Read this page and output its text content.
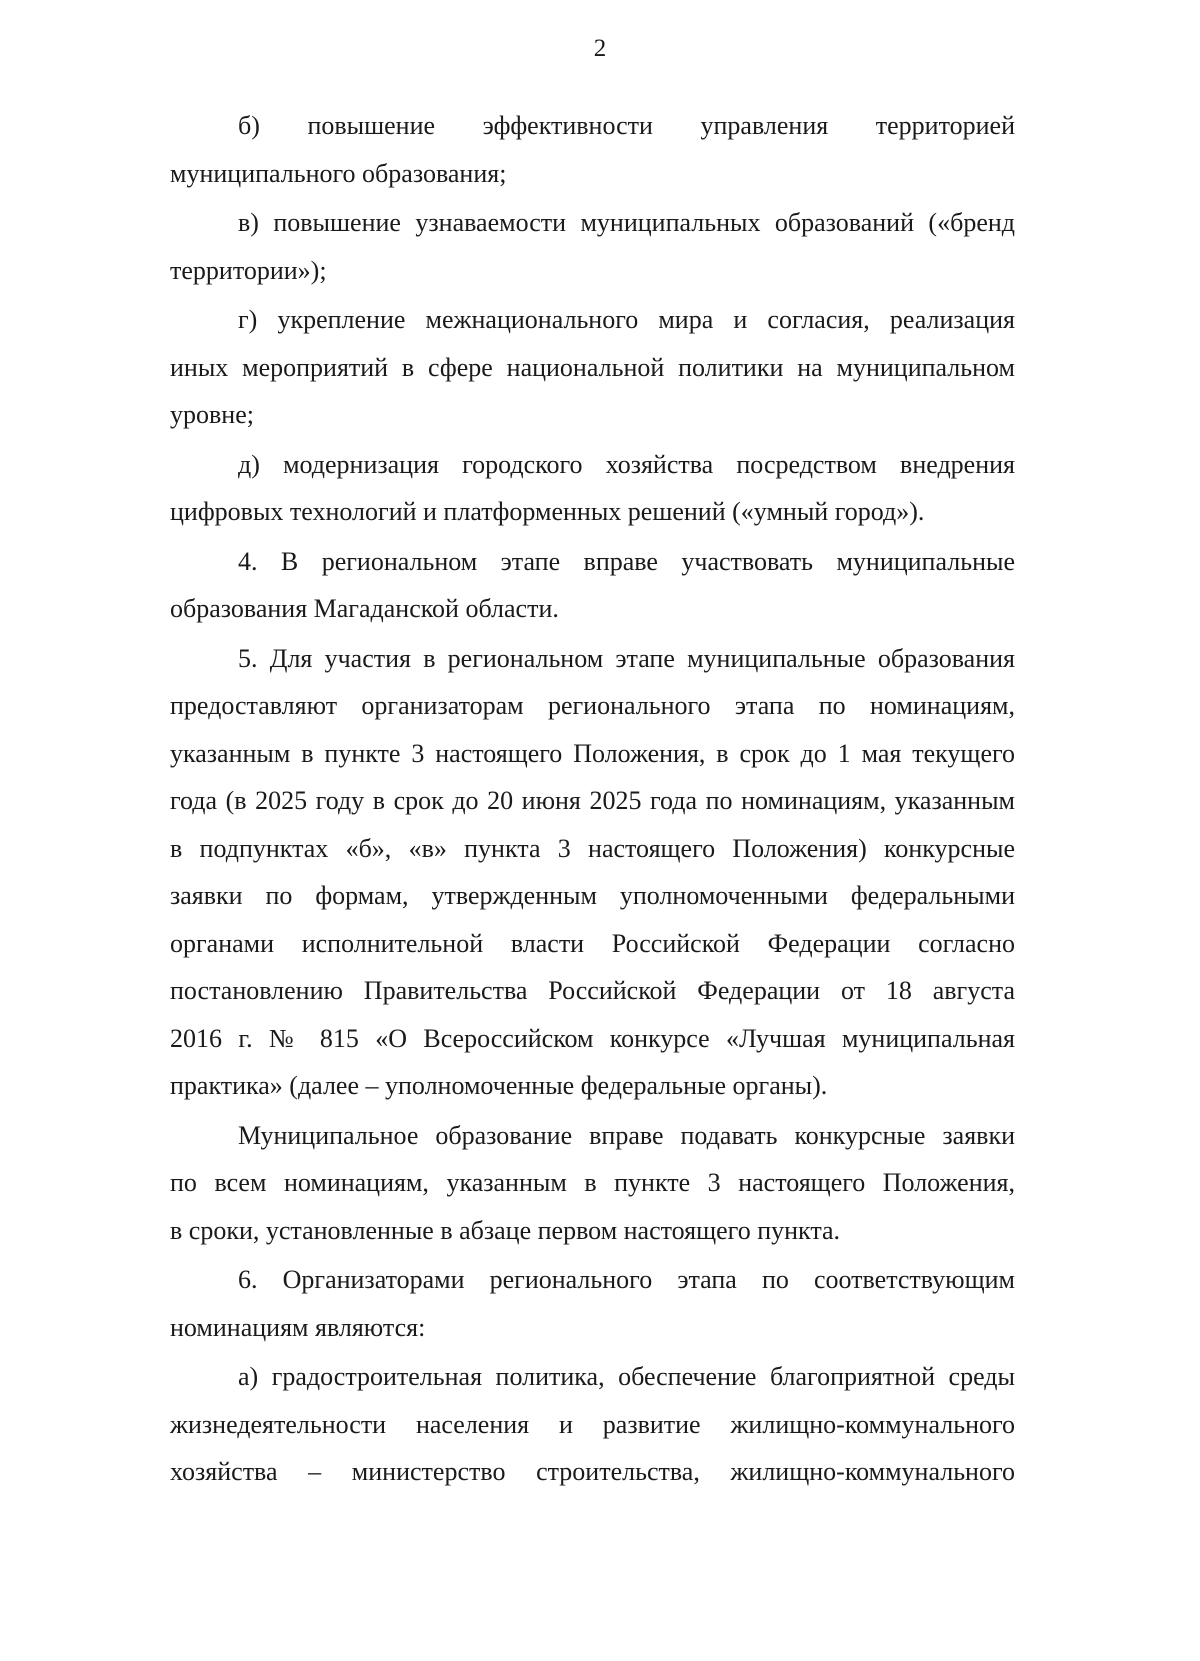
2
б) повышение эффективности управления территорией
муниципального образования;
в) повышение узнаваемости муниципальных образований («бренд
территории»);
г) укрепление межнационального мира и согласия, реализация
иных мероприятий в сфере национальной политики на муниципальном
уровне;
д) модернизация городского хозяйства посредством внедрения
цифровых технологий и платформенных решений («умный город»).
4. В региональном этапе вправе участвовать муниципальные
образования Магаданской области.
5. Для участия в региональном этапе муниципальные образования
предоставляют организаторам регионального этапа по номинациям,
указанным в пункте 3 настоящего Положения, в срок до 1 мая текущего
года (в 2025 году в срок до 20 июня 2025 года по номинациям, указанным
в подпунктах «б», «в» пункта 3 настоящего Положения) конкурсные
заявки по формам, утвержденным уполномоченными федеральными
органами исполнительной власти Российской Федерации согласно
постановлению Правительства Российской Федерации от 18 августа
2016 г. № 815 «О Всероссийском конкурсе «Лучшая муниципальная
практика» (далее – уполномоченные федеральные органы).
Муниципальное образование вправе подавать конкурсные заявки
по всем номинациям, указанным в пункте 3 настоящего Положения,
в сроки, установленные в абзаце первом настоящего пункта.
6. Организаторами регионального этапа по соответствующим
номинациям являются:
а) градостроительная политика, обеспечение благоприятной среды
жизнедеятельности населения и развитие жилищно-коммунального
хозяйства – министерство строительства, жилищно-коммунального
